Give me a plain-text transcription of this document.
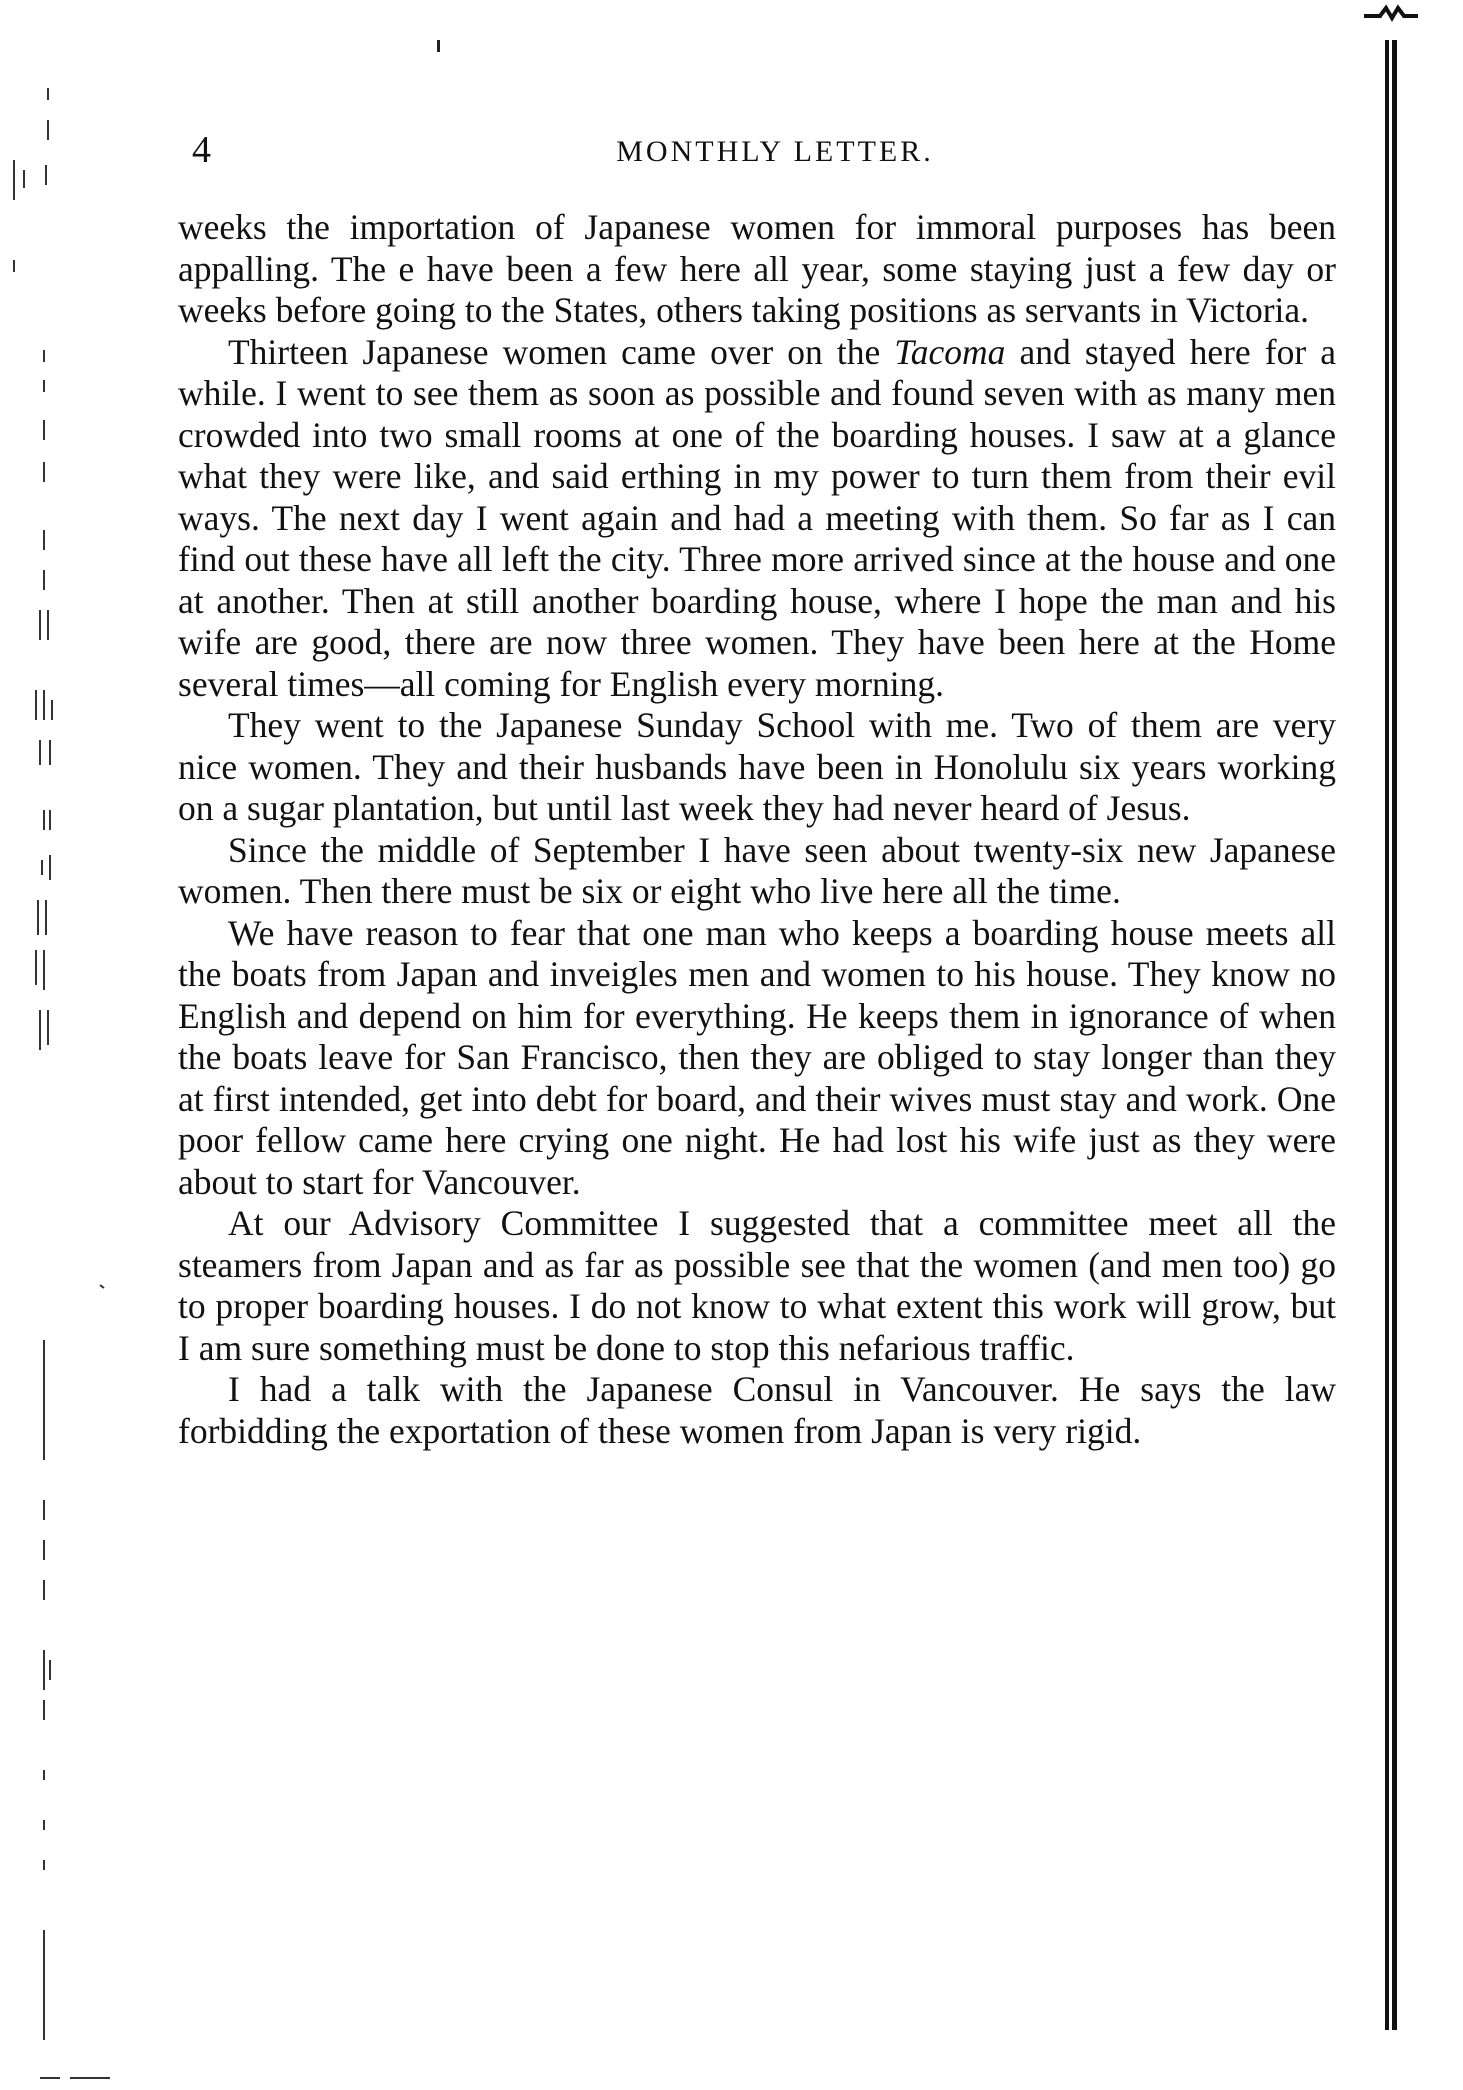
4	MONTHLY LETTER.

weeks the importation of Japanese women for immoral purposes has been appalling. The e have been a few here all year, some staying just a few day or weeks before going to the States, others taking positions as servants in Victoria.

Thirteen Japanese women came over on the Tacoma and stayed here for a while. I went to see them as soon as possible and found seven with as many men crowded into two small rooms at one of the boarding houses. I saw at a glance what they were like, and said erthing in my power to turn them from their evil ways. The next day I went again and had a meeting with them. So far as I can find out these have all left the city. Three more arrived since at the house and one at another. Then at still another boarding house, where I hope the man and his wife are good, there are now three women. They have been here at the Home several times—all coming for English every morning.

They went to the Japanese Sunday School with me. Two of them are very nice women. They and their husbands have been in Honolulu six years working on a sugar plantation, but until last week they had never heard of Jesus.

Since the middle of September I have seen about twenty-six new Japanese women. Then there must be six or eight who live here all the time.

We have reason to fear that one man who keeps a boarding house meets all the boats from Japan and inveigles men and women to his house. They know no English and depend on him for everything. He keeps them in ignorance of when the boats leave for San Francisco, then they are obliged to stay longer than they at first intended, get into debt for board, and their wives must stay and work. One poor fellow came here crying one night. He had lost his wife just as they were about to start for Vancouver.

At our Advisory Committee I suggested that a committee meet all the steamers from Japan and as far as possible see that the women (and men too) go to proper boarding houses. I do not know to what extent this work will grow, but I am sure something must be done to stop this nefarious traffic.

I had a talk with the Japanese Consul in Vancouver. He says the law forbidding the exportation of these women from Japan is very rigid.
